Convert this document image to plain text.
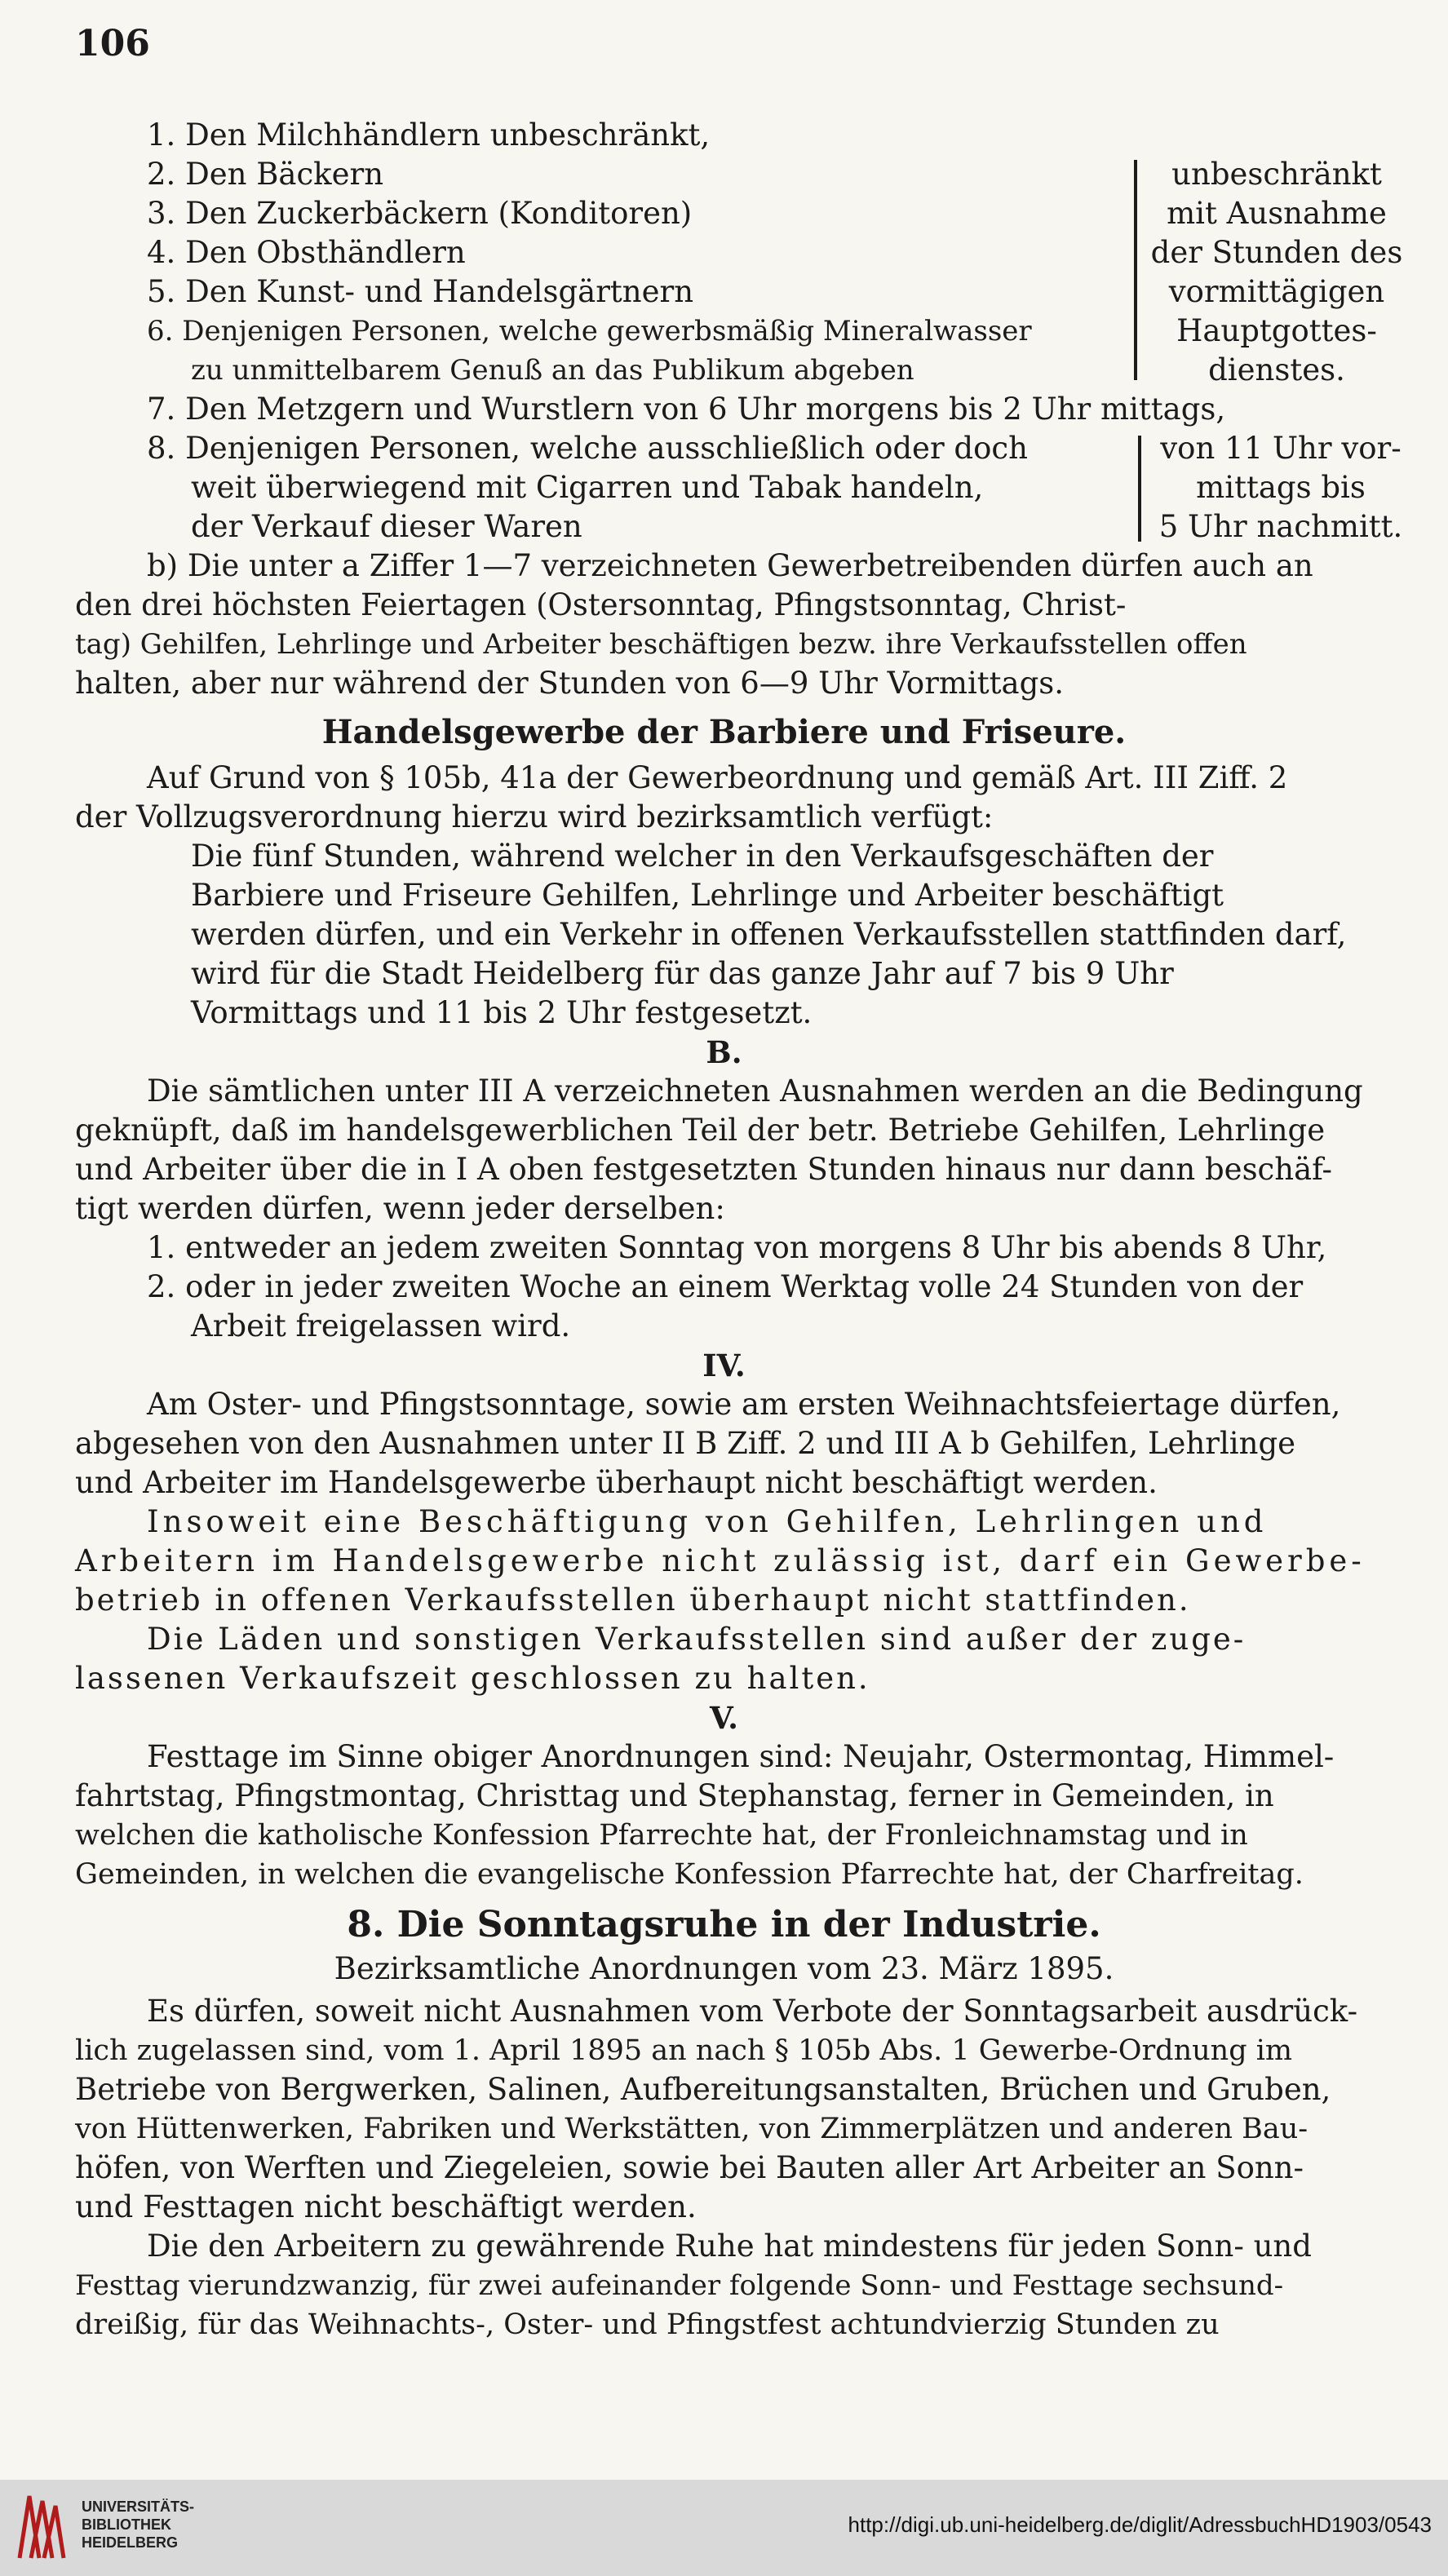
106
1. Den Milchhändlern unbeschränkt,
2. Den Bäckern
3. Den Zuckerbäckern (Konditoren)
4. Den Obsthändlern
5. Den Kunst- und Handelsgärtnern
6. Denjenigen Personen, welche gewerbsmäßig Mineralwasser
zu unmittelbarem Genuß an das Publikum abgeben
unbeschränkt
mit Ausnahme
der Stunden des
vormittägigen
Hauptgottes-
dienstes.
7. Den Metzgern und Wurstlern von 6 Uhr morgens bis 2 Uhr mittags,
8. Denjenigen Personen, welche ausschließlich oder doch
weit überwiegend mit Cigarren und Tabak handeln,
der Verkauf dieser Waren
von 11 Uhr vor-
mittags bis
5 Uhr nachmitt.
b) Die unter a Ziffer 1—7 verzeichneten Gewerbetreibenden dürfen auch an
den drei höchsten Feiertagen (Ostersonntag, Pfingstsonntag, Christ-
tag) Gehilfen, Lehrlinge und Arbeiter beschäftigen bezw. ihre Verkaufsstellen offen
halten, aber nur während der Stunden von 6—9 Uhr Vormittags.
Handelsgewerbe der Barbiere und Friseure.
Auf Grund von § 105b, 41a der Gewerbeordnung und gemäß Art. III Ziff. 2
der Vollzugsverordnung hierzu wird bezirksamtlich verfügt:
Die fünf Stunden, während welcher in den Verkaufsgeschäften der
Barbiere und Friseure Gehilfen, Lehrlinge und Arbeiter beschäftigt
werden dürfen, und ein Verkehr in offenen Verkaufsstellen stattfinden darf,
wird für die Stadt Heidelberg für das ganze Jahr auf 7 bis 9 Uhr
Vormittags und 11 bis 2 Uhr festgesetzt.
B.
Die sämtlichen unter III A verzeichneten Ausnahmen werden an die Bedingung
geknüpft, daß im handelsgewerblichen Teil der betr. Betriebe Gehilfen, Lehrlinge
und Arbeiter über die in I A oben festgesetzten Stunden hinaus nur dann beschäf-
tigt werden dürfen, wenn jeder derselben:
1. entweder an jedem zweiten Sonntag von morgens 8 Uhr bis abends 8 Uhr,
2. oder in jeder zweiten Woche an einem Werktag volle 24 Stunden von der
Arbeit freigelassen wird.
IV.
Am Oster- und Pfingstsonntage, sowie am ersten Weihnachtsfeiertage dürfen,
abgesehen von den Ausnahmen unter II B Ziff. 2 und III A b Gehilfen, Lehrlinge
und Arbeiter im Handelsgewerbe überhaupt nicht beschäftigt werden.
Insoweit eine Beschäftigung von Gehilfen, Lehrlingen und
Arbeitern im Handelsgewerbe nicht zulässig ist, darf ein Gewerbe-
betrieb in offenen Verkaufsstellen überhaupt nicht stattfinden.
Die Läden und sonstigen Verkaufsstellen sind außer der zuge-
lassenen Verkaufszeit geschlossen zu halten.
V.
Festtage im Sinne obiger Anordnungen sind: Neujahr, Ostermontag, Himmel-
fahrtstag, Pfingstmontag, Christtag und Stephanstag, ferner in Gemeinden, in
welchen die katholische Konfession Pfarrechte hat, der Fronleichnamstag und in
Gemeinden, in welchen die evangelische Konfession Pfarrechte hat, der Charfreitag.
8. Die Sonntagsruhe in der Industrie.
Bezirksamtliche Anordnungen vom 23. März 1895.
Es dürfen, soweit nicht Ausnahmen vom Verbote der Sonntagsarbeit ausdrück-
lich zugelassen sind, vom 1. April 1895 an nach § 105b Abs. 1 Gewerbe-Ordnung im
Betriebe von Bergwerken, Salinen, Aufbereitungsanstalten, Brüchen und Gruben,
von Hüttenwerken, Fabriken und Werkstätten, von Zimmerplätzen und anderen Bau-
höfen, von Werften und Ziegeleien, sowie bei Bauten aller Art Arbeiter an Sonn-
und Festtagen nicht beschäftigt werden.
Die den Arbeitern zu gewährende Ruhe hat mindestens für jeden Sonn- und
Festtag vierundzwanzig, für zwei aufeinander folgende Sonn- und Festtage sechsund-
dreißig, für das Weihnachts-, Oster- und Pfingstfest achtundvierzig Stunden zu
UNIVERSITÄTS-
BIBLIOTHEK
HEIDELBERG
http://digi.ub.uni-heidelberg.de/diglit/AdressbuchHD1903/0543
